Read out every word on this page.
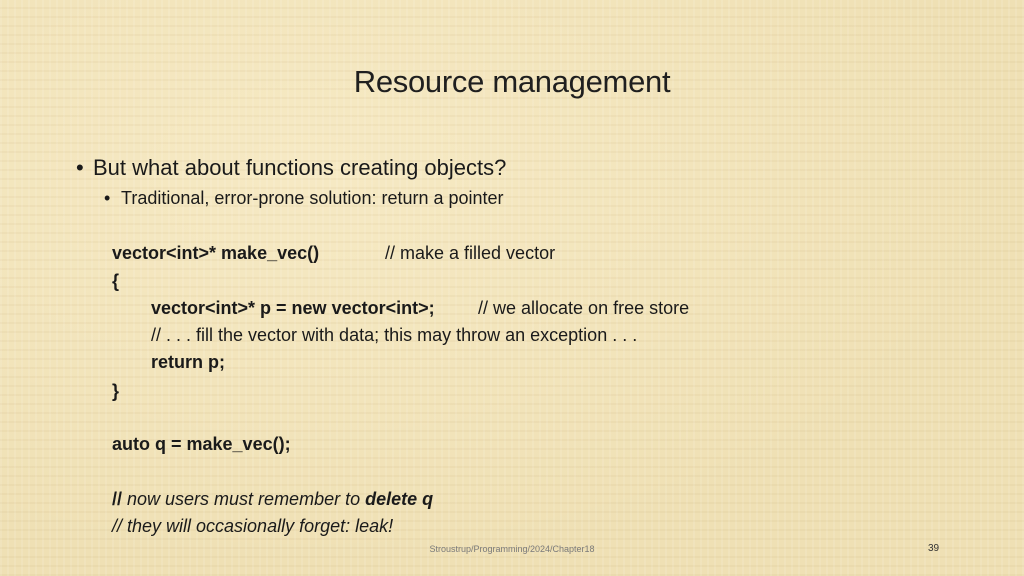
Resource management
• But what about functions creating objects?
• Traditional, error-prone solution: return a pointer
vector<int>* make_vec()	// make a filled vector
{
vector<int>* p = new vector<int>; // we allocate on free store
// . . . fill the vector with data; this may throw an exception . . .
return p;
}
auto q = make_vec();
// now users must remember to delete q
// they will occasionally forget: leak!
Stroustrup/Programming/2024/Chapter18	39
